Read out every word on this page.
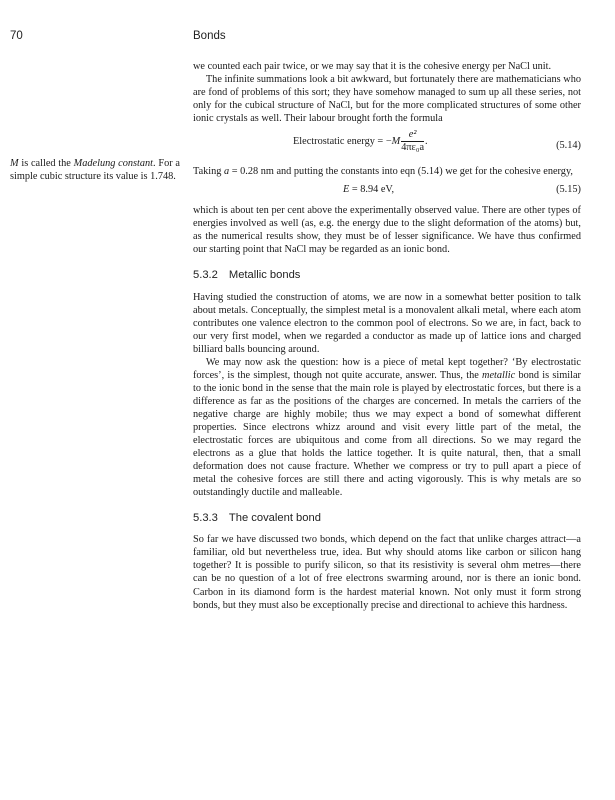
70	Bonds
M is called the Madelung constant. For a simple cubic structure its value is 1.748.

we counted each pair twice, or we may say that it is the cohesive energy per NaCl unit.

The infinite summations look a bit awkward, but fortunately there are mathematicians who are fond of problems of this sort; they have somehow managed to sum up all these series, not only for the cubical structure of NaCl, but for the more complicated structures of some other ionic crystals as well. Their labour brought forth the formula

Electrostatic energy = $-M \frac{\text{e²}}{\text{4πε₀a}}$ .	(5.14)

Taking a = 0.28 nm and putting the constants into eqn (5.14) we get for the cohesive energy,

E = 8.94 eV,	(5.15)

which is about ten per cent above the experimentally observed value. There are other types of energies involved as well (as, e.g. the energy due to the slight deformation of the atoms) but, as the numerical results show, they must be of lesser significance. We have thus confirmed our starting point that NaCl may be regarded as an ionic bond.

5.3.2 Metallic bonds

Having studied the construction of atoms, we are now in a somewhat better position to talk about metals. Conceptually, the simplest metal is a monovalent alkali metal, where each atom contributes one valence electron to the common pool of electrons. So we are, in fact, back to our very first model, when we regarded a conductor as made up of lattice ions and charged billiard balls bouncing around.

We may now ask the question: how is a piece of metal kept together? ‘By electrostatic forces’, is the simplest, though not quite accurate, answer. Thus, the metallic bond is similar to the ionic bond in the sense that the main role is played by electrostatic forces, but there is a difference as far as the positions of the charges are concerned. In metals the carriers of the negative charge are highly mobile; thus we may expect a bond of somewhat different properties. Since electrons whizz around and visit every little part of the metal, the electrostatic forces are ubiquitous and come from all directions. So we may regard the electrons as a glue that holds the lattice together. It is quite natural, then, that a small deformation does not cause fracture. Whether we compress or try to pull apart a piece of metal the cohesive forces are still there and acting vigorously. This is why metals are so outstandingly ductile and malleable.

5.3.3 The covalent bond

So far we have discussed two bonds, which depend on the fact that unlike charges attract—a familiar, old but nevertheless true, idea. But why should atoms like carbon or silicon hang together? It is possible to purify silicon, so that its resistivity is several ohm metres—there can be no question of a lot of free electrons swarming around, nor is there an ionic bond. Carbon in its diamond form is the hardest material known. Not only must it form strong bonds, but they must also be exceptionally precise and directional to achieve this hardness.
